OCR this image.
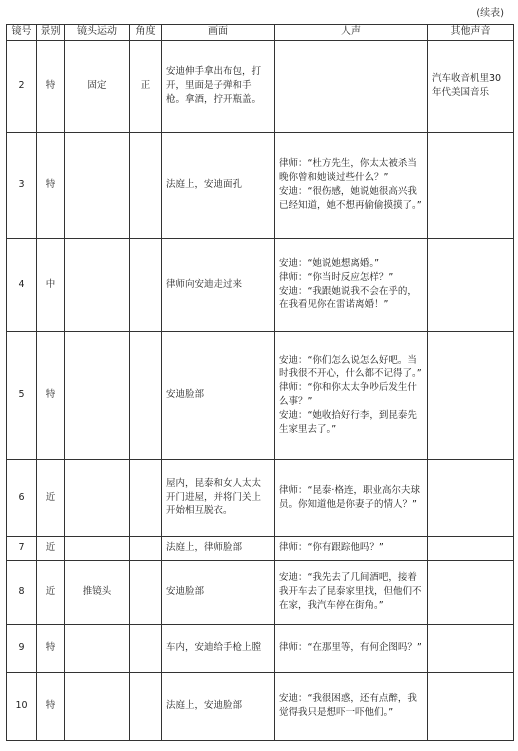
(续表)
镜号	景别	镜头运动	角度	画面	人声	其他声音
2	特	固定	正	安迪伸手拿出布包，打开，里面是子弹和手枪。拿酒，拧开瓶盖。		汽车收音机里30年代美国音乐
3	特			法庭上，安迪面孔	律师：“杜方先生，你太太被杀当晚你曾和她谈过些什么？”
安迪：“很伤感，她说她很高兴我已经知道，她不想再偷偷摸摸了。”	

4	中			律师向安迪走过来	安迪：“她说她想离婚。”
律师：“你当时反应怎样？”
安迪：“我跟她说我不会在乎的，在我看见你在雷诺离婚！”	

5	特			安迪脸部	安迪：“你们怎么说怎么好吧。当时我很不开心，什么都不记得了。”
律师：“你和你太太争吵后发生什么事？”
安迪：“她收拾好行李，到昆泰先生家里去了。”	

6	近			屋内，昆泰和女人太太开门进屋，并将门关上开始相互脱衣。	律师：“昆泰·格连，职业高尔夫球员。你知道他是你妻子的情人？”	

7	近			法庭上，律师脸部	律师：“你有跟踪他吗？”	

8	近	推镜头		安迪脸部	安迪：“我先去了几间酒吧，接着我开车去了昆泰家里找，但他们不在家，我汽车停在街角。”	

9	特			车内，安迪给手枪上膛	律师：“在那里等，有何企图吗？”	

10	特			法庭上，安迪脸部	安迪：“我很困惑，还有点醉，我觉得我只是想吓一吓他们。”	
